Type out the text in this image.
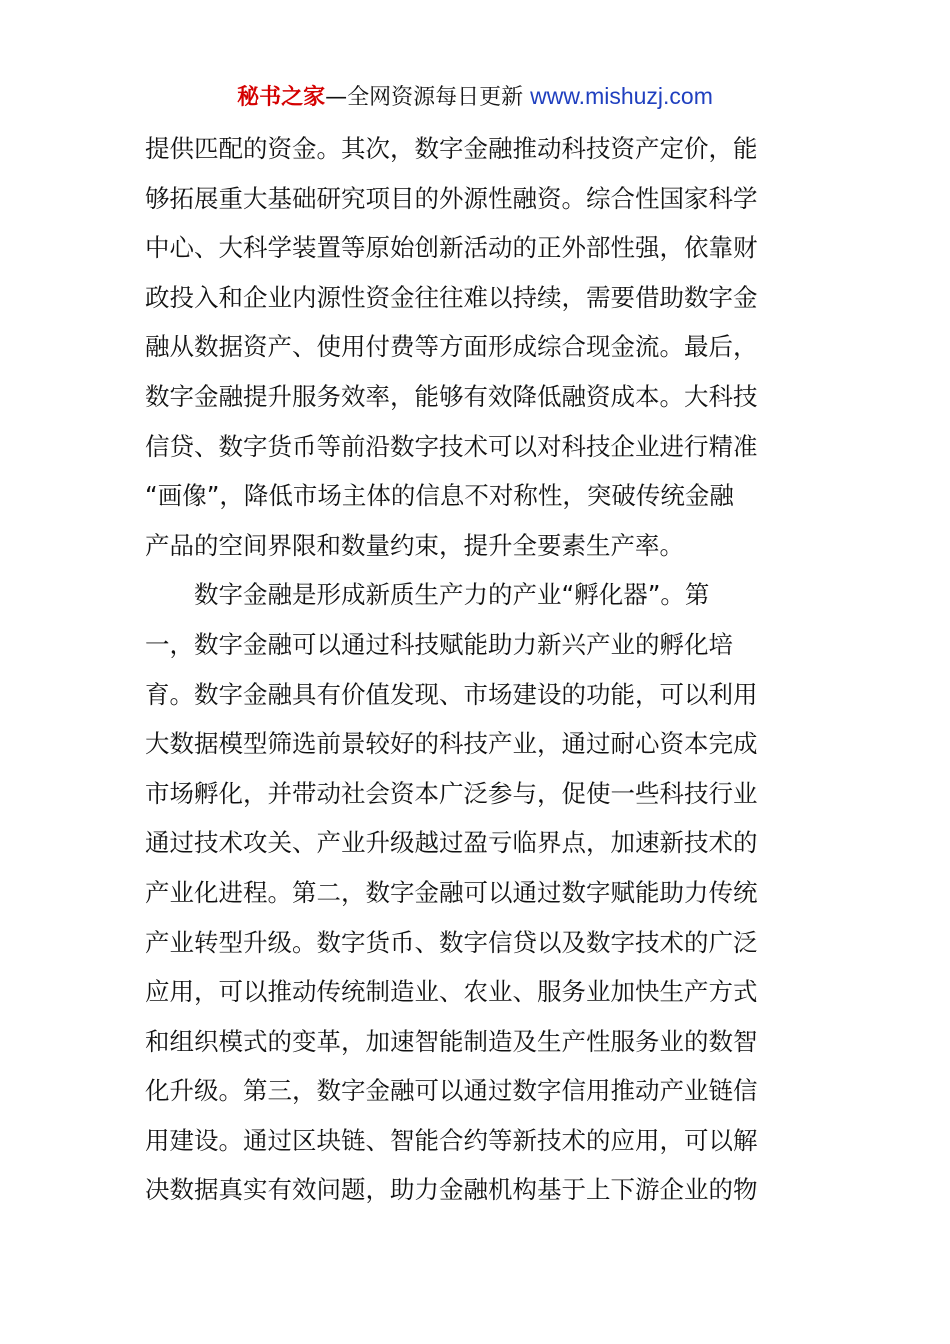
秘书之家—全网资源每日更新 www.mishuzj.com
提供匹配的资金。其次，数字金融推动科技资产定价，能
够拓展重大基础研究项目的外源性融资。综合性国家科学
中心、大科学装置等原始创新活动的正外部性强，依靠财
政投入和企业内源性资金往往难以持续，需要借助数字金
融从数据资产、使用付费等方面形成综合现金流。最后，
数字金融提升服务效率，能够有效降低融资成本。大科技
信贷、数字货币等前沿数字技术可以对科技企业进行精准
“画像”，降低市场主体的信息不对称性，突破传统金融
产品的空间界限和数量约束，提升全要素生产率。
数字金融是形成新质生产力的产业“孵化器”。第
一，数字金融可以通过科技赋能助力新兴产业的孵化培
育。数字金融具有价值发现、市场建设的功能，可以利用
大数据模型筛选前景较好的科技产业，通过耐心资本完成
市场孵化，并带动社会资本广泛参与，促使一些科技行业
通过技术攻关、产业升级越过盈亏临界点，加速新技术的
产业化进程。第二，数字金融可以通过数字赋能助力传统
产业转型升级。数字货币、数字信贷以及数字技术的广泛
应用，可以推动传统制造业、农业、服务业加快生产方式
和组织模式的变革，加速智能制造及生产性服务业的数智
化升级。第三，数字金融可以通过数字信用推动产业链信
用建设。通过区块链、智能合约等新技术的应用，可以解
决数据真实有效问题，助力金融机构基于上下游企业的物
